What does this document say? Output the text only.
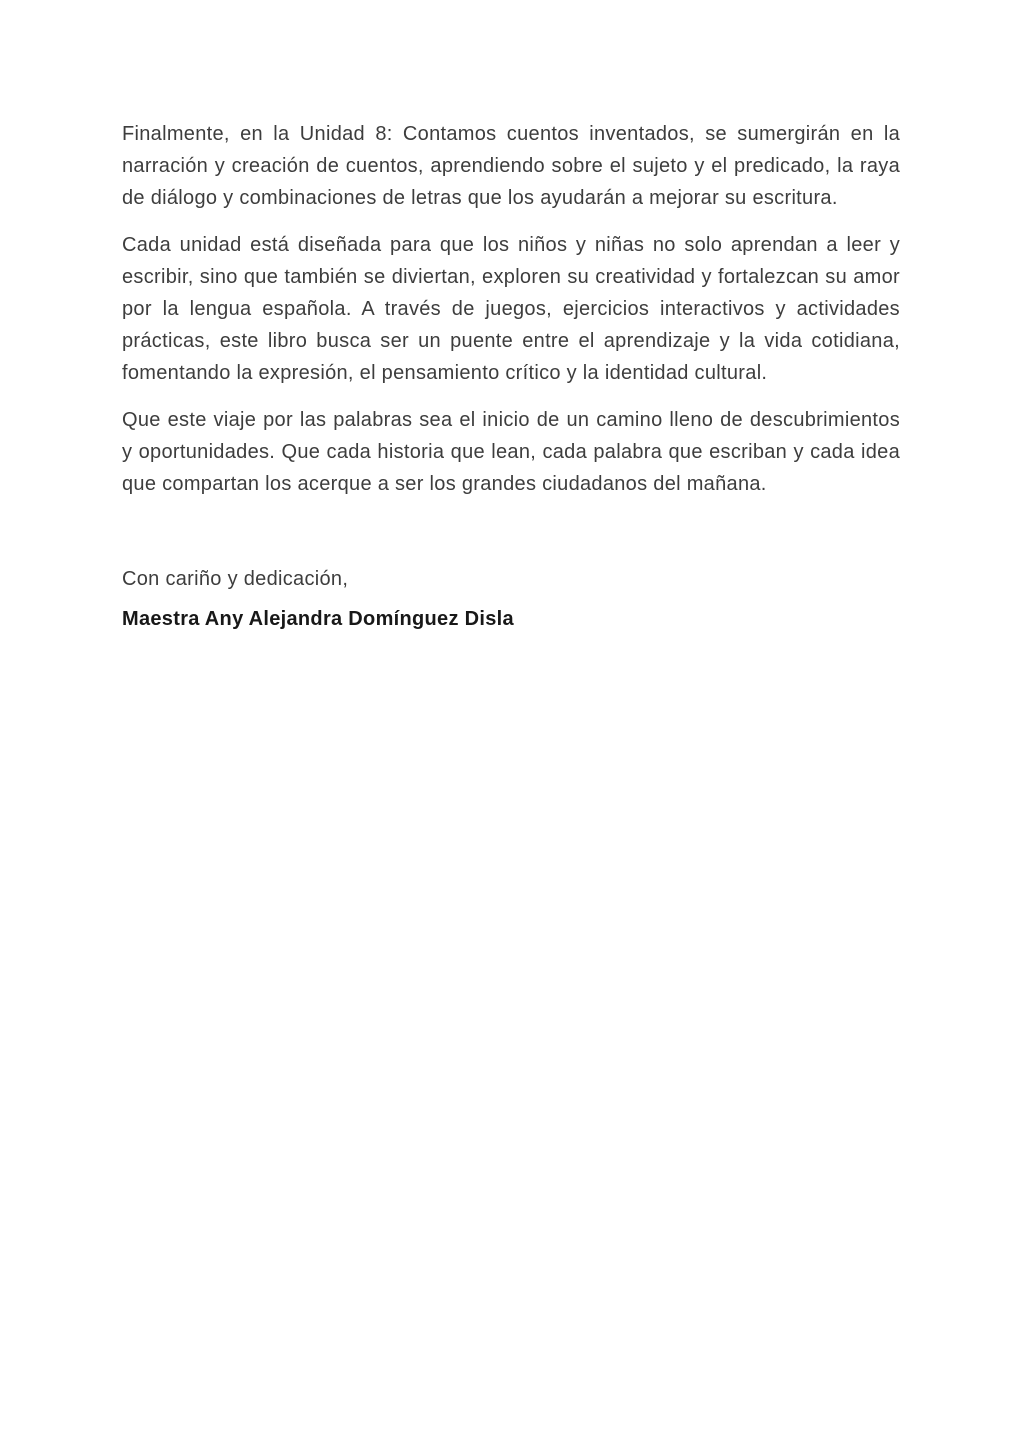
Finalmente, en la Unidad 8: Contamos cuentos inventados, se sumergirán en la narración y creación de cuentos, aprendiendo sobre el sujeto y el predicado, la raya de diálogo y combinaciones de letras que los ayudarán a mejorar su escritura.

Cada unidad está diseñada para que los niños y niñas no solo aprendan a leer y escribir, sino que también se diviertan, exploren su creatividad y fortalezcan su amor por la lengua española. A través de juegos, ejercicios interactivos y actividades prácticas, este libro busca ser un puente entre el aprendizaje y la vida cotidiana, fomentando la expresión, el pensamiento crítico y la identidad cultural.

Que este viaje por las palabras sea el inicio de un camino lleno de descubrimientos y oportunidades. Que cada historia que lean, cada palabra que escriban y cada idea que compartan los acerque a ser los grandes ciudadanos del mañana.

Con cariño y dedicación,

Maestra Any Alejandra Domínguez Disla
